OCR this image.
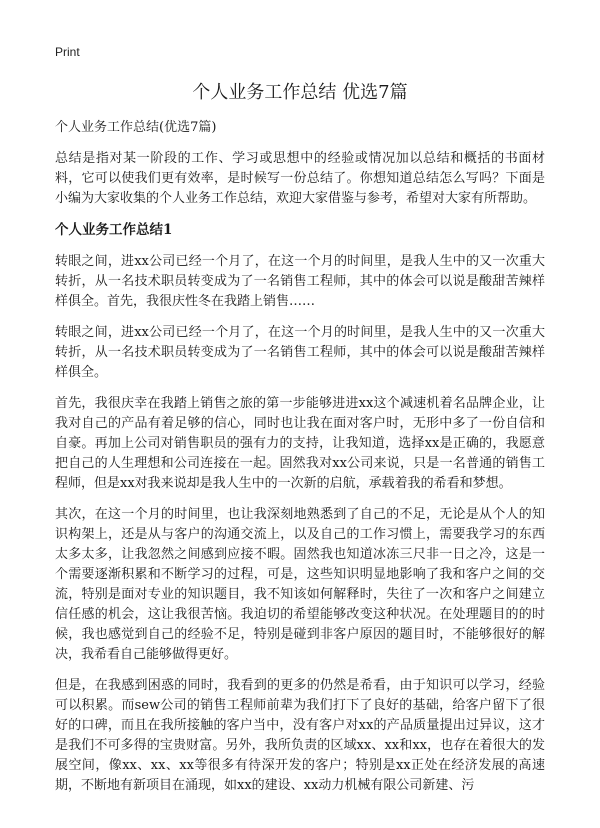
Print
个人业务工作总结 优选7篇

个人业务工作总结(优选7篇)

总结是指对某一阶段的工作、学习或思想中的经验或情况加以总结和概括的书面材料，它可以使我们更有效率，是时候写一份总结了。你想知道总结怎么写吗？下面是小编为大家收集的个人业务工作总结，欢迎大家借鉴与参考，希望对大家有所帮助。

个人业务工作总结1

转眼之间，进xx公司已经一个月了，在这一个月的时间里，是我人生中的又一次重大转折，从一名技术职员转变成为了一名销售工程师，其中的体会可以说是酸甜苦辣样样俱全。首先，我很庆性冬在我踏上销售……

转眼之间，进xx公司已经一个月了，在这一个月的时间里，是我人生中的又一次重大转折，从一名技术职员转变成为了一名销售工程师，其中的体会可以说是酸甜苦辣样样俱全。

首先，我很庆幸在我踏上销售之旅的第一步能够进进xx这个减速机着名品牌企业，让我对自己的产品有着足够的信心，同时也让我在面对客户时，无形中多了一份自信和自豪。再加上公司对销售职员的强有力的支持，让我知道，选择xx是正确的，我愿意把自己的人生理想和公司连接在一起。固然我对xx公司来说，只是一名普通的销售工程师，但是xx对我来说却是我人生中的一次新的启航，承载着我的希看和梦想。

其次，在这一个月的时间里，也让我深刻地熟悉到了自己的不足，无论是从个人的知识构架上，还是从与客户的沟通交流上，以及自己的工作习惯上，需要我学习的东西太多太多，让我忽然之间感到应接不暇。固然我也知道冰冻三尺非一日之冷，这是一个需要逐渐积累和不断学习的过程，可是，这些知识明显地影响了我和客户之间的交流，特别是面对专业的知识题目，我不知该如何解释时，失往了一次和客户之间建立信任感的机会，这让我很苦恼。我迫切的希望能够改变这种状况。在处理题目的的时候，我也感觉到自己的经验不足，特别是碰到非客户原因的题目时，不能够很好的解决，我希看自己能够做得更好。

但是，在我感到困惑的同时，我看到的更多的仍然是希看，由于知识可以学习，经验可以积累。而sew公司的销售工程师前辈为我们打下了良好的基础，给客户留下了很好的口碑，而且在我所接触的客户当中，没有客户对xx的产品质量提出过异议，这才是我们不可多得的宝贵财富。另外，我所负责的区域xx、xx和xx，也存在着很大的发展空间，像xx、xx、xx等很多有待深开发的客户；特别是xx正处在经济发展的高速期，不断地有新项目在涌现，如xx的建设、xx动力机械有限公司新建、污
